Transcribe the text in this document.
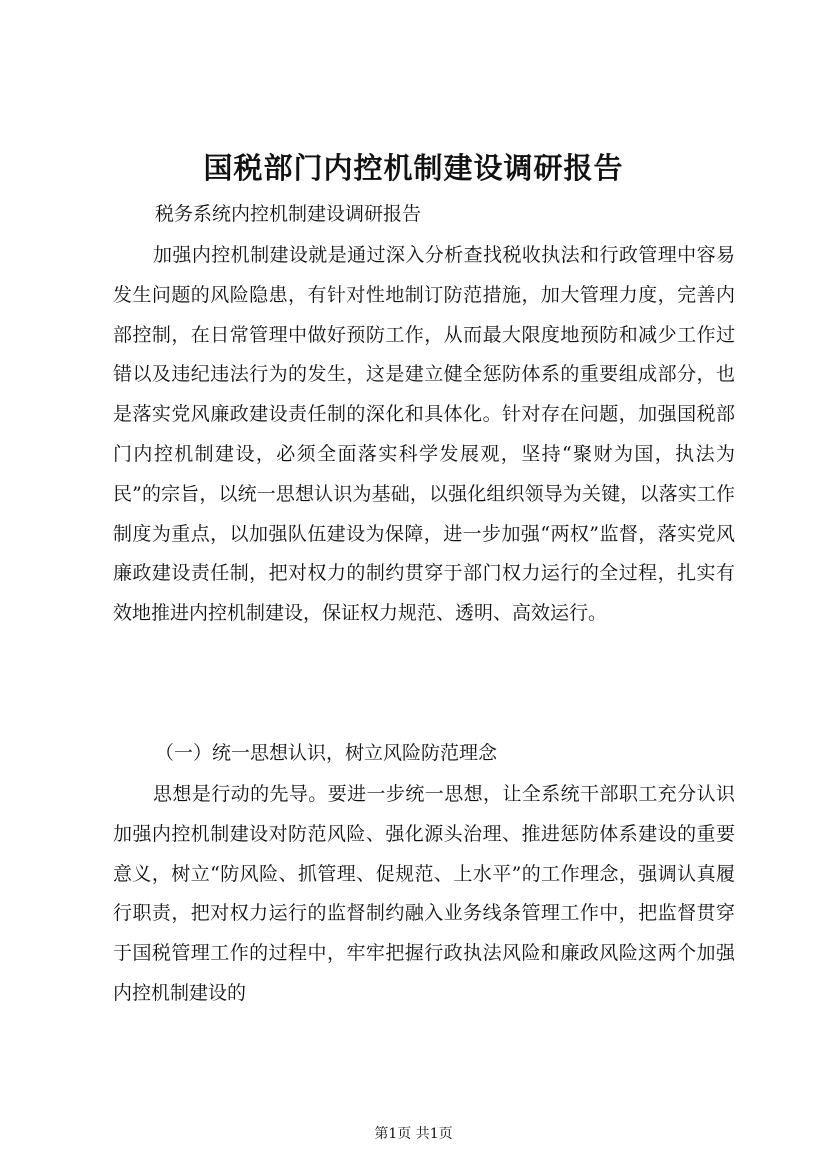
国税部门内控机制建设调研报告
税务系统内控机制建设调研报告
加强内控机制建设就是通过深入分析查找税收执法和行政管理中容易发生问题的风险隐患，有针对性地制订防范措施，加大管理力度，完善内部控制，在日常管理中做好预防工作，从而最大限度地预防和减少工作过错以及违纪违法行为的发生，这是建立健全惩防体系的重要组成部分，也是落实党风廉政建设责任制的深化和具体化。针对存在问题，加强国税部门内控机制建设，必须全面落实科学发展观，坚持“聚财为国，执法为民”的宗旨，以统一思想认识为基础，以强化组织领导为关键，以落实工作制度为重点，以加强队伍建设为保障，进一步加强“两权”监督，落实党风廉政建设责任制，把对权力的制约贯穿于部门权力运行的全过程，扎实有效地推进内控机制建设，保证权力规范、透明、高效运行。
（一）统一思想认识，树立风险防范理念
思想是行动的先导。要进一步统一思想，让全系统干部职工充分认识加强内控机制建设对防范风险、强化源头治理、推进惩防体系建设的重要意义，树立“防风险、抓管理、促规范、上水平”的工作理念，强调认真履行职责，把对权力运行的监督制约融入业务线条管理工作中，把监督贯穿于国税管理工作的过程中，牢牢把握行政执法风险和廉政风险这两个加强内控机制建设的
第1页 共1页
